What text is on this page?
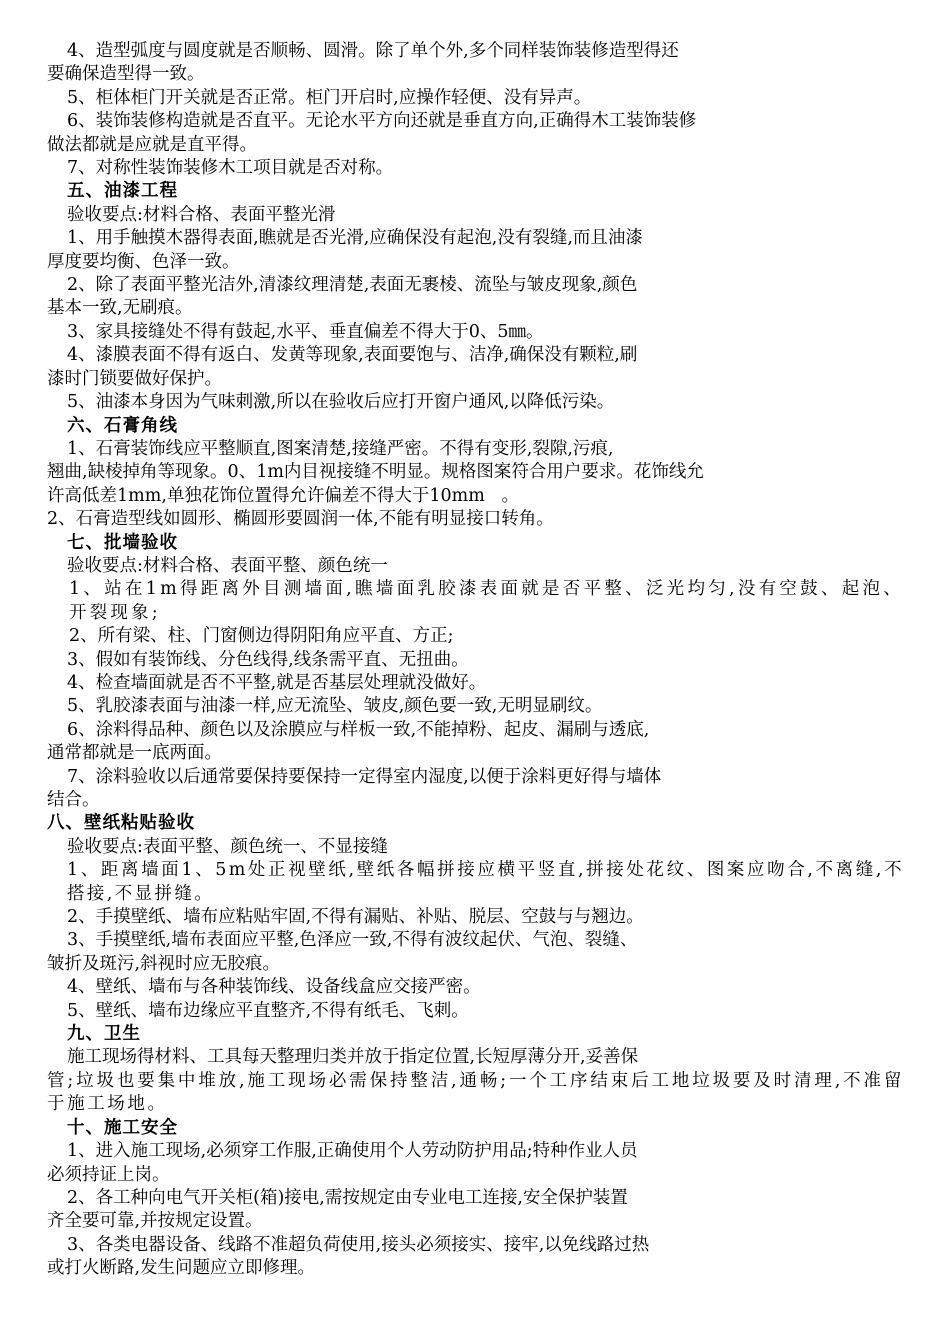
4、造型弧度与圆度就是否顺畅、圆滑。除了单个外,多个同样装饰装修造型得还
要确保造型得一致。
5、柜体柜门开关就是否正常。柜门开启时,应操作轻便、没有异声。
6、装饰装修构造就是否直平。无论水平方向还就是垂直方向,正确得木工装饰装修
做法都就是应就是直平得。
7、对称性装饰装修木工项目就是否对称。
五、油漆工程
验收要点:材料合格、表面平整光滑
1、用手触摸木器得表面,瞧就是否光滑,应确保没有起泡,没有裂缝,而且油漆
厚度要均衡、色泽一致。
2、除了表面平整光洁外,清漆纹理清楚,表面无裹棱、流坠与皱皮现象,颜色
基本一致,无刷痕。
3、家具接缝处不得有鼓起,水平、垂直偏差不得大于0、5㎜。
4、漆膜表面不得有返白、发黄等现象,表面要饱与、洁净,确保没有颗粒,刷
漆时门锁要做好保护。
5、油漆本身因为气味刺激,所以在验收后应打开窗户通风,以降低污染。
六、石膏角线
1、石膏装饰线应平整顺直,图案清楚,接缝严密。不得有变形,裂隙,污痕,
翘曲,缺棱掉角等现象。0、1m内目视接缝不明显。规格图案符合用户要求。花饰线允
许高低差1mm,单独花饰位置得允许偏差不得大于10mm   。
2、石膏造型线如圆形、椭圆形要圆润一体,不能有明显接口转角。
七、批墙验收
验收要点:材料合格、表面平整、颜色统一
1、站在1m得距离外目测墙面,瞧墙面乳胶漆表面就是否平整、泛光均匀,没有空鼓、起泡、开裂现象;
2、所有梁、柱、门窗侧边得阴阳角应平直、方正;
3、假如有装饰线、分色线得,线条需平直、无扭曲。
4、检查墙面就是否不平整,就是否基层处理就没做好。
5、乳胶漆表面与油漆一样,应无流坠、皱皮,颜色要一致,无明显刷纹。
6、涂料得品种、颜色以及涂膜应与样板一致,不能掉粉、起皮、漏刷与透底,
通常都就是一底两面。
7、涂料验收以后通常要保持要保持一定得室内湿度,以便于涂料更好得与墙体
结合。
八、壁纸粘贴验收
验收要点:表面平整、颜色统一、不显接缝
1、距离墙面1、5m处正视壁纸,壁纸各幅拼接应横平竖直,拼接处花纹、图案应吻合,不离缝,不搭接,不显拼缝。
2、手摸壁纸、墙布应粘贴牢固,不得有漏贴、补贴、脱层、空鼓与与翘边。
3、手摸壁纸,墙布表面应平整,色泽应一致,不得有波纹起伏、气泡、裂缝、
皱折及斑污,斜视时应无胶痕。
4、壁纸、墙布与各种装饰线、设备线盒应交接严密。
5、壁纸、墙布边缘应平直整齐,不得有纸毛、飞刺。
九、卫生
施工现场得材料、工具每天整理归类并放于指定位置,长短厚薄分开,妥善保
管;垃圾也要集中堆放,施工现场必需保持整洁,通畅;一个工序结束后工地垃圾要及时清理,不准留于施工场地。
十、施工安全
1、进入施工现场,必须穿工作服,正确使用个人劳动防护用品;特种作业人员
必须持证上岗。
2、各工种向电气开关柜(箱)接电,需按规定由专业电工连接,安全保护装置
齐全要可靠,并按规定设置。
3、各类电器设备、线路不准超负荷使用,接头必须接实、接牢,以免线路过热
或打火断路,发生问题应立即修理。
